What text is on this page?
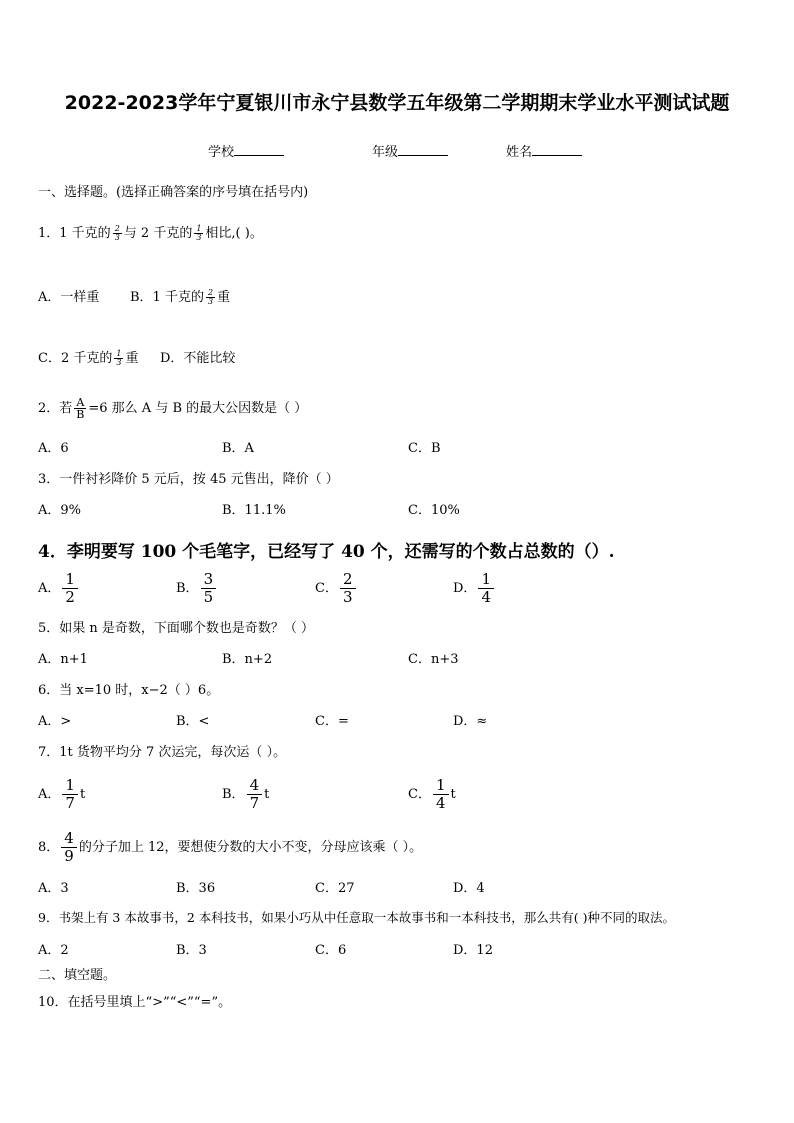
2022-2023学年宁夏银川市永宁县数学五年级第二学期期末学业水平测试试题
学校	年级	姓名
一、选择题。(选择正确答案的序号填在括号内)
1．1 千克的 $\frac{2}{3}$ 与 2 千克的 $\frac{1}{3}$ 相比,( )。
A．一样重 B．1 千克的 $\frac{2}{3}$ 重
C．2 千克的 $\frac{1}{3}$ 重 D．不能比较
2．若 $\frac{A}{B} =6$ 那么 A 与 B 的最大公因数是（ ）
A．6	B．A	C．B
3．一件衬衫降价 5 元后，按 45 元售出，降价（ ）
A．9%	B．11.1%	C．10%
4．李明要写 100 个毛笔字，已经写了 40 个，还需写的个数占总数的（）.
A． $\frac{1}{2}$	B． $\frac{3}{5}$	C． $\frac{2}{3}$	D． $\frac{1}{4}$
5．如果 n 是奇数，下面哪个数也是奇数？（ ）
A．n+1	B．n+2	C．n+3
6．当 x=10 时，x−2（ ）6。
A．>	B．<	C．=	D．≈
7．1t 货物平均分 7 次运完，每次运（ ）。
A． $\frac{1}{7}$ t	B． $\frac{4}{7}$ t	C． $\frac{1}{4}$ t
8． $\frac{4}{9}$ 的分子加上 12，要想使分数的大小不变，分母应该乘（ ）。
A．3	B．36	C．27	D．4
9．书架上有 3 本故事书，2 本科技书，如果小巧从中任意取一本故事书和一本科技书，那么共有( )种不同的取法。
A．2	B．3	C．6	D．12
二、填空题。
10．在括号里填上“>”“<”“=”。
